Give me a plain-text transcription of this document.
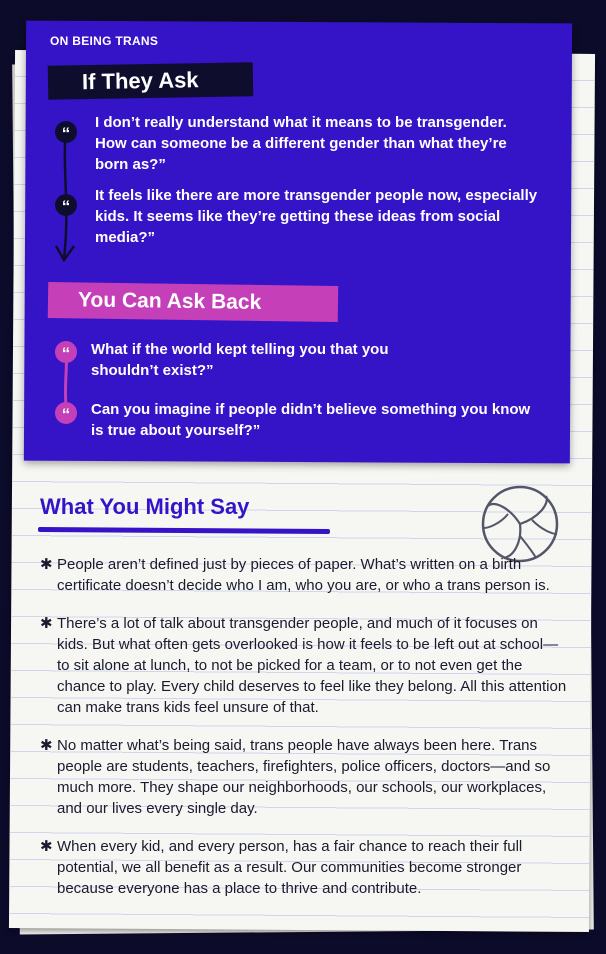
ON BEING TRANS
If They Ask
“
I don’t really understand what it means to be transgender. How can someone be a different gender than what they’re born as?”
“
It feels like there are more transgender people now, especially kids. It seems like they’re getting these ideas from social media?”
You Can Ask Back
“	What if the world kept telling you that you shouldn’t exist?”
“	Can you imagine if people didn’t believe something you know is true about yourself?”
What You Might Say
✱ People aren’t defined just by pieces of paper. What’s written on a birth certificate doesn’t decide who I am, who you are, or who a trans person is.
✱ There’s a lot of talk about transgender people, and much of it focuses on kids. But what often gets overlooked is how it feels to be left out at school—to sit alone at lunch, to not be picked for a team, or to not even get the chance to play. Every child deserves to feel like they belong. All this attention can make trans kids feel unsure of that.
✱ No matter what’s being said, trans people have always been here. Trans people are students, teachers, firefighters, police officers, doctors—and so much more. They shape our neighborhoods, our schools, our workplaces, and our lives every single day.
✱ When every kid, and every person, has a fair chance to reach their full potential, we all benefit as a result. Our communities become stronger because everyone has a place to thrive and contribute.
